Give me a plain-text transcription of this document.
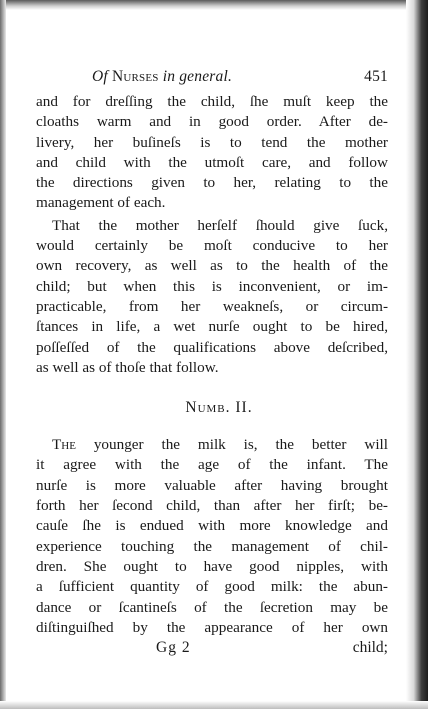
Of Nurses in general.	451

and for dreſſing the child, ſhe muſt keep the
cloaths warm and in good order. After de-
livery, her buſineſs is to tend the mother
and child with the utmoſt care, and follow
the directions given to her, relating to the
management of each.

That the mother herſelf ſhould give ſuck,
would certainly be moſt conducive to her
own recovery, as well as to the health of the
child; but when this is inconvenient, or im-
practicable, from her weakneſs, or circum-
ſtances in life, a wet nurſe ought to be hired,
poſſeſſed of the qualifications above deſcribed,
as well as of thoſe that follow.

Numb. II.

The younger the milk is, the better will
it agree with the age of the infant. The
nurſe is more valuable after having brought
forth her ſecond child, than after her firſt; be-
cauſe ſhe is endued with more knowledge and
experience touching the management of chil-
dren. She ought to have good nipples, with
a ſufficient quantity of good milk: the abun-
dance or ſcantineſs of the ſecretion may be
diſtinguiſhed by the appearance of her own

Gg 2	child;
